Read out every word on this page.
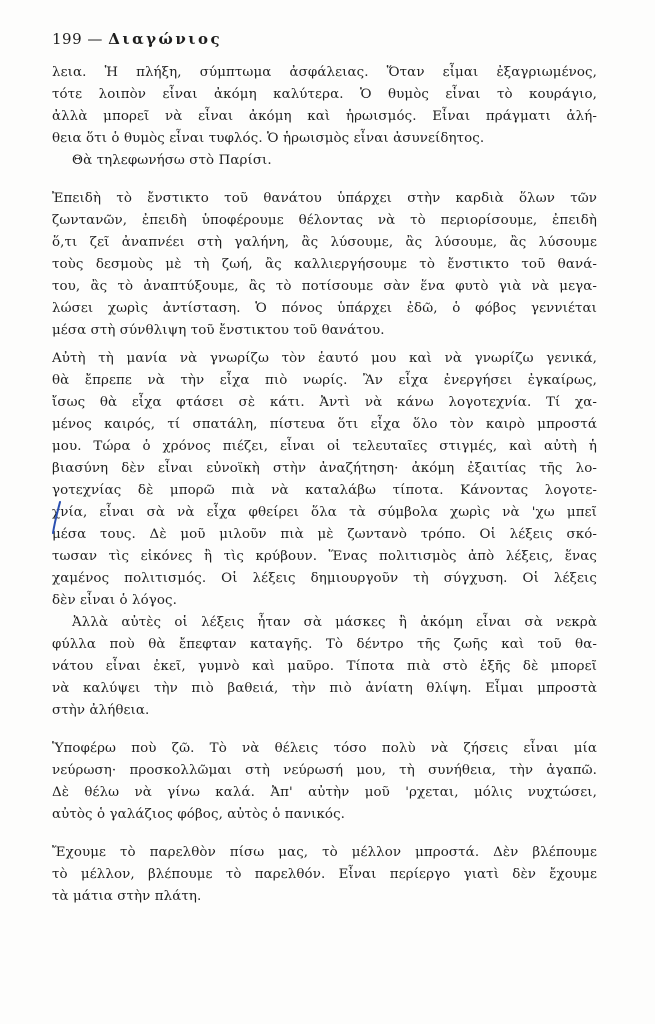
199 — Διαγώνιος
λεια. Ἡ πλήξη, σύμπτωμα ἀσφάλειας. Ὅταν εἶμαι ἐξαγριωμένος,
τότε λοιπὸν εἶναι ἀκόμη καλύτερα. Ὁ θυμὸς εἶναι τὸ κουράγιο,
ἀλλὰ μπορεῖ νὰ εἶναι ἀκόμη καὶ ἡρωισμός. Εἶναι πράγματι ἀλή-
θεια ὅτι ὁ θυμὸς εἶναι τυφλός. Ὁ ἡρωισμὸς εἶναι ἀσυνείδητος.
Θὰ τηλεφωνήσω στὸ Παρίσι.
Ἐπειδὴ τὸ ἔνστικτο τοῦ θανάτου ὑπάρχει στὴν καρδιὰ ὅλων τῶν
ζωντανῶν, ἐπειδὴ ὑποφέρουμε θέλοντας νὰ τὸ περιορίσουμε, ἐπειδὴ
ὅ,τι ζεῖ ἀναπνέει στὴ γαλήνη, ἂς λύσουμε, ἂς λύσουμε, ἂς λύσουμε
τοὺς δεσμοὺς μὲ τὴ ζωή, ἂς καλλιεργήσουμε τὸ ἔνστικτο τοῦ θανά-
του, ἂς τὸ ἀναπτύξουμε, ἂς τὸ ποτίσουμε σὰν ἕνα φυτὸ γιὰ νὰ μεγα-
λώσει χωρὶς ἀντίσταση. Ὁ πόνος ὑπάρχει ἐδῶ, ὁ φόβος γεννιέται
μέσα στὴ σύνθλιψη τοῦ ἔνστικτου τοῦ θανάτου.
Αὐτὴ τὴ μανία νὰ γνωρίζω τὸν ἑαυτό μου καὶ νὰ γνωρίζω γενικά,
θὰ ἔπρεπε νὰ τὴν εἶχα πιὸ νωρίς. Ἂν εἶχα ἐνεργήσει ἐγκαίρως,
ἴσως θὰ εἶχα φτάσει σὲ κάτι. Ἀντὶ νὰ κάνω λογοτεχνία. Τί χα-
μένος καιρός, τί σπατάλη, πίστευα ὅτι εἶχα ὅλο τὸν καιρὸ μπροστά
μου. Τώρα ὁ χρόνος πιέζει, εἶναι οἱ τελευταῖες στιγμές, καὶ αὐτὴ ἡ
βιασύνη δὲν εἶναι εὐνοϊκὴ στὴν ἀναζήτηση· ἀκόμη ἐξαιτίας τῆς λο-
γοτεχνίας δὲ μπορῶ πιὰ νὰ καταλάβω τίποτα. Κάνοντας λογοτε-
χνία, εἶναι σὰ νὰ εἶχα φθείρει ὅλα τὰ σύμβολα χωρὶς νὰ 'χω μπεῖ
μέσα τους. Δὲ μοῦ μιλοῦν πιὰ μὲ ζωντανὸ τρόπο. Οἱ λέξεις σκό-
τωσαν τὶς εἰκόνες ἢ τὶς κρύβουν. Ἕνας πολιτισμὸς ἀπὸ λέξεις, ἕνας
χαμένος πολιτισμός. Οἱ λέξεις δημιουργοῦν τὴ σύγχυση. Οἱ λέξεις
δὲν εἶναι ὁ λόγος.
Ἀλλὰ αὐτὲς οἱ λέξεις ἦταν σὰ μάσκες ἢ ἀκόμη εἶναι σὰ νεκρὰ
φύλλα ποὺ θὰ ἔπεφταν καταγῆς. Τὸ δέντρο τῆς ζωῆς καὶ τοῦ θα-
νάτου εἶναι ἐκεῖ, γυμνὸ καὶ μαῦρο. Τίποτα πιὰ στὸ ἑξῆς δὲ μπορεῖ
νὰ καλύψει τὴν πιὸ βαθειά, τὴν πιὸ ἀνίατη θλίψη. Εἶμαι μπροστὰ
στὴν ἀλήθεια.
Ὑποφέρω ποὺ ζῶ. Τὸ νὰ θέλεις τόσο πολὺ νὰ ζήσεις εἶναι μία
νεύρωση· προσκολλῶμαι στὴ νεύρωσή μου, τὴ συνήθεια, τὴν ἀγαπῶ.
Δὲ θέλω νὰ γίνω καλά. Ἀπ' αὐτὴν μοῦ 'ρχεται, μόλις νυχτώσει,
αὐτὸς ὁ γαλάζιος φόβος, αὐτὸς ὁ πανικός.
Ἔχουμε τὸ παρελθὸν πίσω μας, τὸ μέλλον μπροστά. Δὲν βλέπουμε
τὸ μέλλον, βλέπουμε τὸ παρελθόν. Εἶναι περίεργο γιατὶ δὲν ἔχουμε
τὰ μάτια στὴν πλάτη.
